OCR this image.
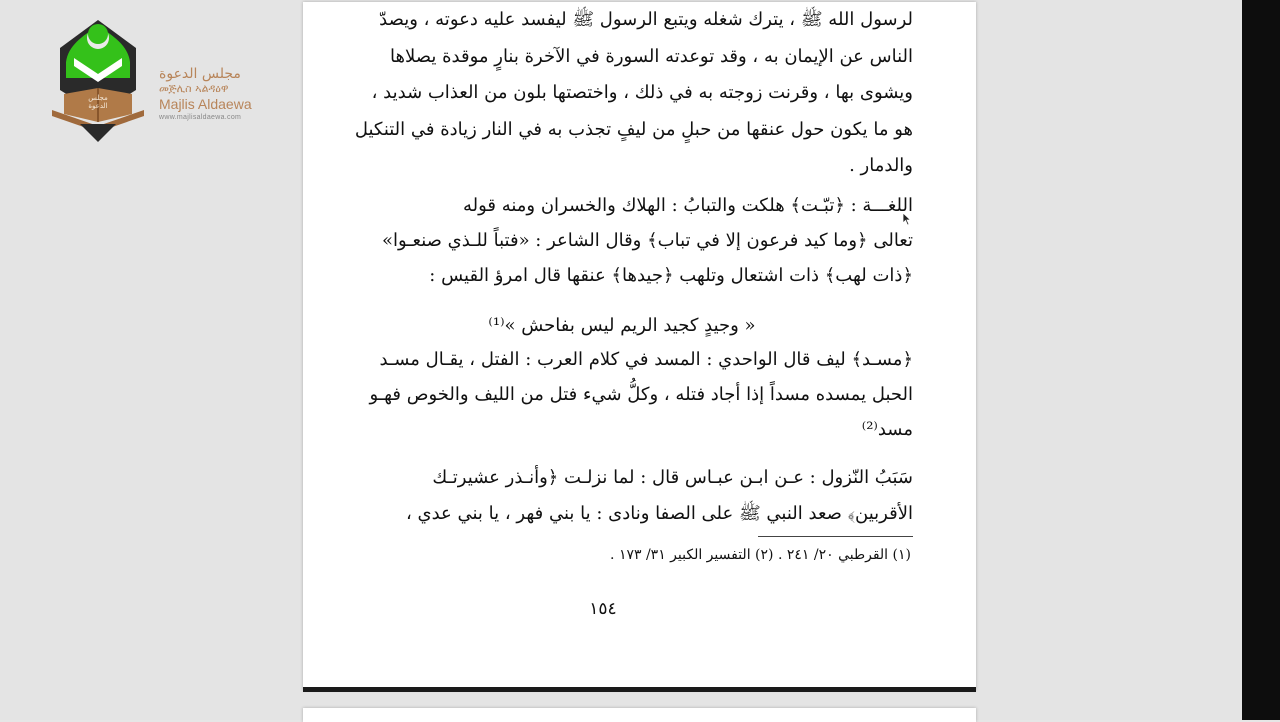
مجلس الدعوة
مجلس الدعوة
መጅሊስ ኣልዳዕዋ
Majlis Aldaewa
www.majlisaldaewa.com
لرسول الله ﷺ ، يترك شغله ويتبع الرسول ﷺ ليفسد عليه دعوته ، ويصدّ
الناس عن الإيمان به ، وقد توعدته السورة في الآخرة بنارٍ موقدة يصلاها
ويشوى بها ، وقرنت زوجته به في ذلك ، واختصتها بلون من العذاب شديد ،
هو ما يكون حول عنقها من حبلٍ من ليفٍ تجذب به في النار زيادة في التنكيل
والدمار .
اللغـــة : ﴿تبّـت﴾ هلكت والتبابُ : الهلاك والخسران ومنه قوله
تعالى ﴿وما كيد فرعون إلا في تباب﴾ وقال الشاعر : «فتباً للـذي صنعـوا»
﴿ذات لهب﴾ ذات اشتعال وتلهب ﴿جيدها﴾ عنقها قال امرؤ القيس :
« وجيدٍ كجيد الريم ليس بفاحش »⁽¹⁾
﴿مسـد﴾ ليف قال الواحدي : المسد في كلام العرب : الفتل ، يقـال مسـد
الحبل يمسده مسداً إذا أجاد فتله ، وكلُّ شيء فتل من الليف والخوص فهـو
مسد⁽²⁾
سَبَبُ النّزول : عـن ابـن عبـاس قال : لما نزلـت ﴿وأنـذر عشيرتـك
الأقربين﴾ صعد النبي ﷺ على الصفا ونادى : يا بني فهر ، يا بني عدي ،
(١) القرطبي ٢٠/ ٢٤١ . (٢) التفسير الكبير ٣١/ ١٧٣ .
١٥٤
